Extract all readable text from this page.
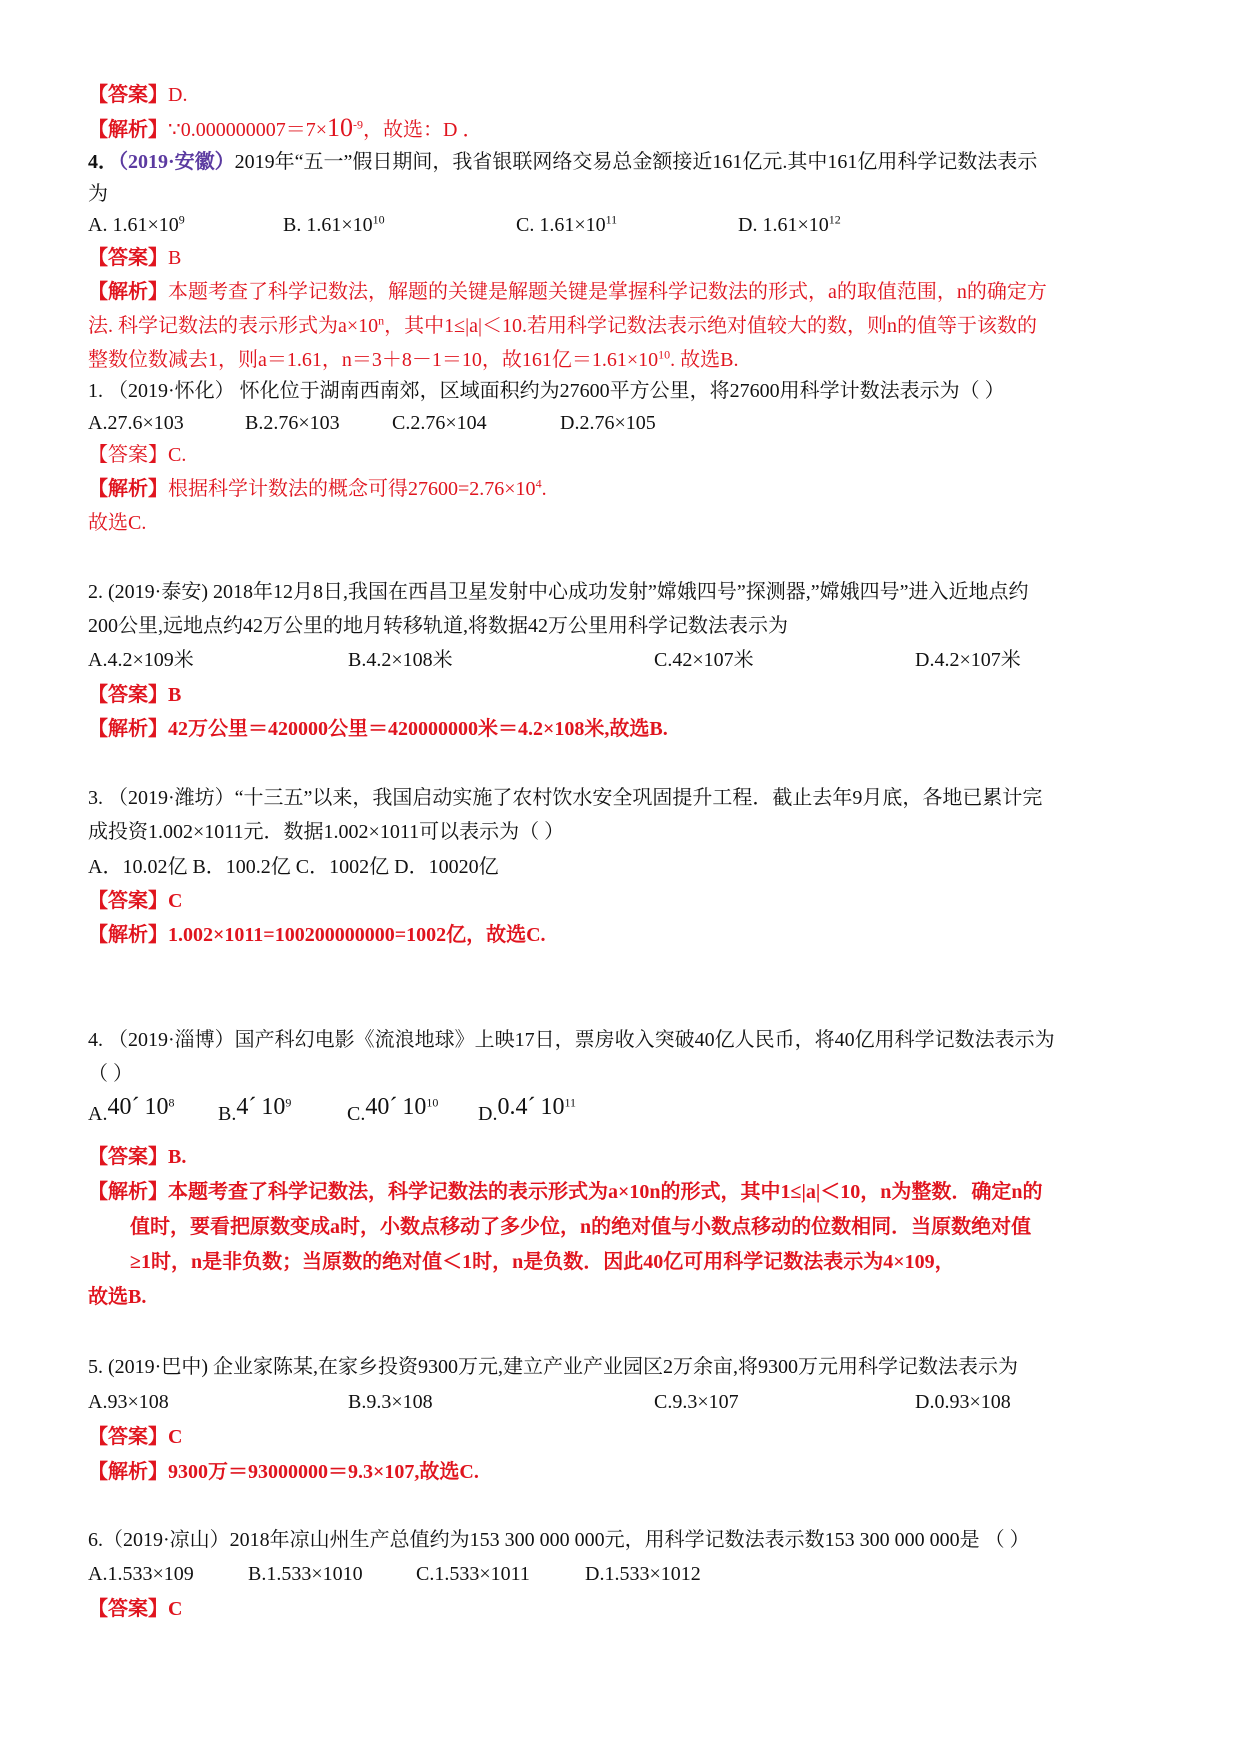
【答案】D.
【解析】$\because 0.000000007=7\times 10^{-9}$，故选：D ．
4．（2019·安徽）2019年“五一”假日期间，我省银联网络交易总金额接近161亿元.其中161亿用科学记数法表示
为
A. $1.61\times 10^9$	B. $1.61\times 10^{10}$	C. $1.61\times 10^{11}$	D. $1.61\times 10^{12}$
【答案】B
【解析】本题考查了科学记数法，解题的关键是解题关键是掌握科学记数法的形式，a的取值范围，n的确定方
法. 科学记数法的表示形式为$a\times 10^n$，其中1≤|a|＜10.若用科学记数法表示绝对值较大的数，则n的值等于该数的
整数位数减去1，则a＝1.61，n＝3＋8－1＝10，故161亿$=1.61\times 10^{10}$. 故选B.
1. （2019·怀化） 怀化位于湖南西南郊，区域面积约为27600平方公里，将27600用科学计数法表示为（ ）
A.27.6×103	B.2.76×103	C.2.76×104	D.2.76×105
【答案】C.
【解析】根据科学计数法的概念可得$27600=2.76\times 10^4$.
故选C.
2. (2019·泰安) 2018年12月8日,我国在西昌卫星发射中心成功发射”嫦娥四号”探测器,”嫦娥四号”进入近地点约
200公里,远地点约42万公里的地月转移轨道,将数据42万公里用科学记数法表示为
A.4.2×109米	B.4.2×108米	C.42×107米	D.4.2×107米
【答案】B
【解析】42万公里＝420000公里＝420000000米＝4.2×108米,故选B.
3. （2019·潍坊）“十三五”以来，我国启动实施了农村饮水安全巩固提升工程．截止去年9月底，各地已累计完
成投资1.002×1011元．数据1.002×1011可以表示为（ ）
A．10.02亿 B．100.2亿 C．1002亿 D．10020亿
【答案】C
【解析】1.002×1011=100200000000=1002亿，故选C.
4. （2019·淄博）国产科幻电影《流浪地球》上映17日，票房收入突破40亿人民币，将40亿用科学记数法表示为
（ ）
A.40´ $10^8$
B.4´ $10^9$
C.40´ $10^{10}$
D.0.4´ $10^{11}$
【答案】B.
【解析】本题考查了科学记数法，科学记数法的表示形式为a×10n的形式，其中1≤|a|＜10，n为整数．确定n的
值时，要看把原数变成a时，小数点移动了多少位，n的绝对值与小数点移动的位数相同．当原数绝对值
≥1时，n是非负数；当原数的绝对值＜1时，n是负数．因此40亿可用科学记数法表示为4×109，
故选B.
5. (2019·巴中) 企业家陈某,在家乡投资9300万元,建立产业产业园区2万余亩,将9300万元用科学记数法表示为
A.93×108	B.9.3×108	C.9.3×107	D.0.93×108
【答案】C
【解析】9300万＝93000000＝9.3×107,故选C.
6.（2019·凉山）2018年凉山州生产总值约为153 300 000 000元，用科学记数法表示数153 300 000 000是 （ ）
A.1.533×109	B.1.533×1010	C.1.533×1011	D.1.533×1012
【答案】C
